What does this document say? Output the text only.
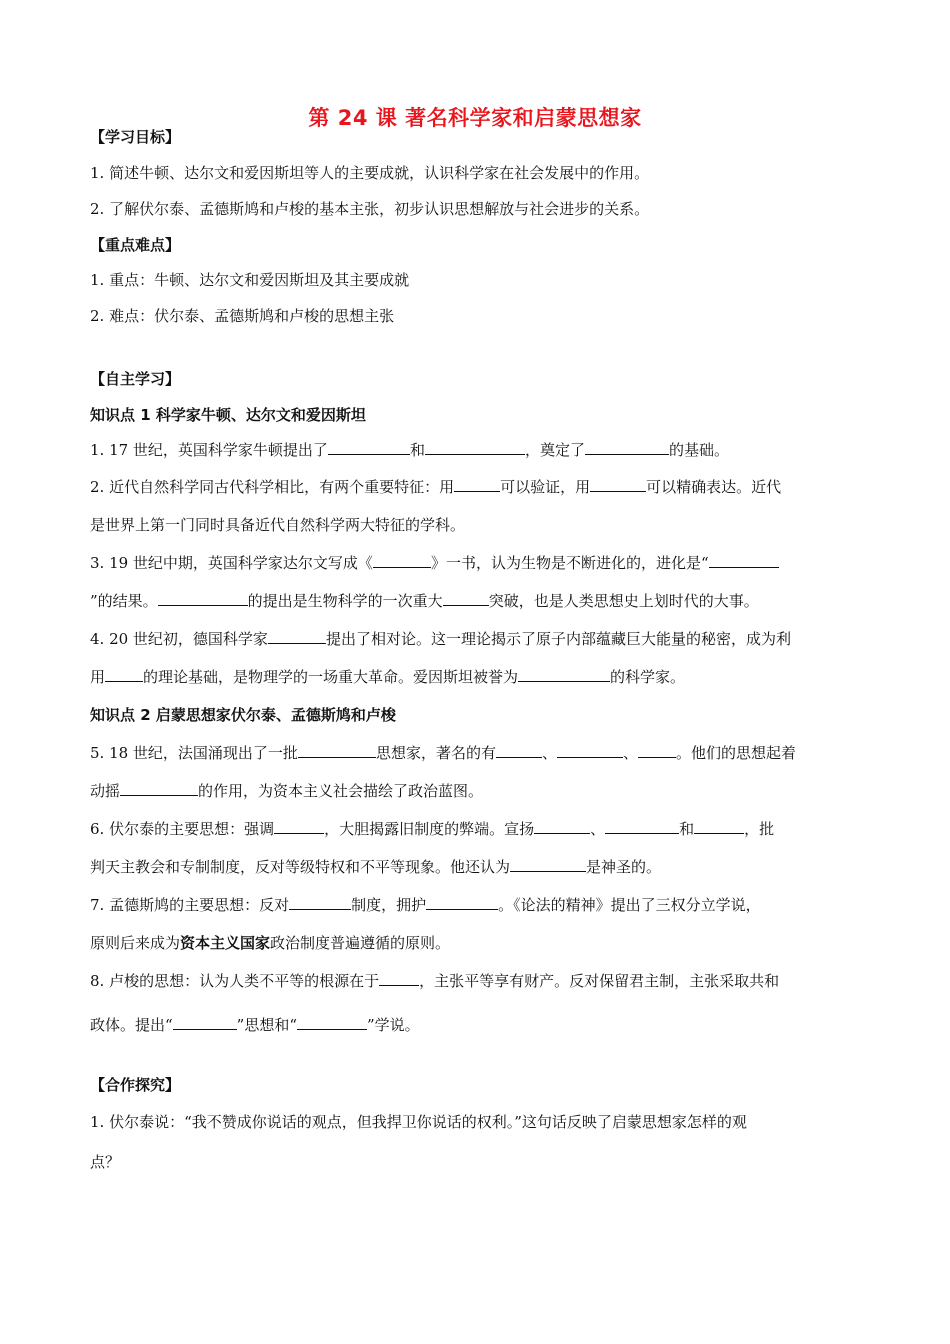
第 24 课 著名科学家和启蒙思想家
【学习目标】
1. 简述牛顿、达尔文和爱因斯坦等人的主要成就，认识科学家在社会发展中的作用。
2. 了解伏尔泰、孟德斯鸠和卢梭的基本主张，初步认识思想解放与社会进步的关系。
【重点难点】
1. 重点：牛顿、达尔文和爱因斯坦及其主要成就
2. 难点：伏尔泰、孟德斯鸠和卢梭的思想主张
【自主学习】
知识点 1 科学家牛顿、达尔文和爱因斯坦
1. 17 世纪，英国科学家牛顿提出了	和	，奠定了	的基础。
2. 近代自然科学同古代科学相比，有两个重要特征：用	可以验证，用	可以精确表达。近代
是世界上第一门同时具备近代自然科学两大特征的学科。
3. 19 世纪中期，英国科学家达尔文写成《	》一书，认为生物是不断进化的，进化是“
”的结果。	的提出是生物科学的一次重大	突破，也是人类思想史上划时代的大事。
4. 20 世纪初，德国科学家	提出了相对论。这一理论揭示了原子内部蕴藏巨大能量的秘密，成为利
用	的理论基础，是物理学的一场重大革命。爱因斯坦被誉为	的科学家。
知识点 2 启蒙思想家伏尔泰、孟德斯鸠和卢梭
5. 18 世纪，法国涌现出了一批	思想家，著名的有	、	、	。他们的思想起着
动摇	的作用，为资本主义社会描绘了政治蓝图。
6. 伏尔泰的主要思想：强调	，大胆揭露旧制度的弊端。宣扬	、	和	，批
判天主教会和专制制度，反对等级特权和不平等现象。他还认为	是神圣的。
7. 孟德斯鸠的主要思想：反对	制度，拥护	。《论法的精神》提出了三权分立学说，
原则后来成为资本主义国家政治制度普遍遵循的原则。
8. 卢梭的思想：认为人类不平等的根源在于	，主张平等享有财产。反对保留君主制，主张采取共和
政体。提出“	”思想和“	”学说。
【合作探究】
1. 伏尔泰说：“我不赞成你说话的观点，但我捍卫你说话的权利。”这句话反映了启蒙思想家怎样的观
点？
